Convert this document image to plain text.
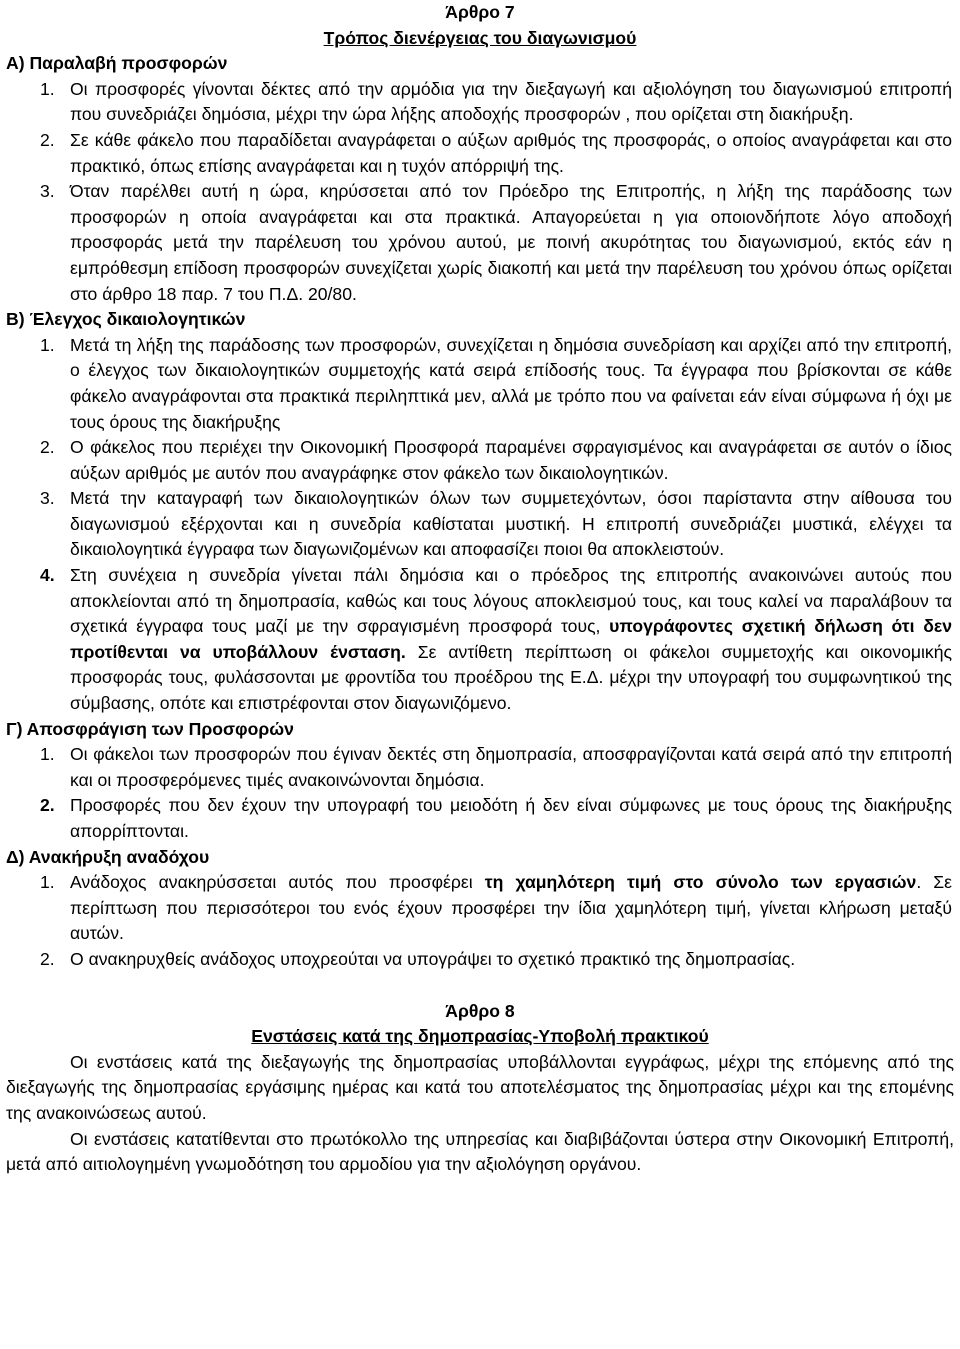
Άρθρο 7
Τρόπος διενέργειας του διαγωνισμού
Α) Παραλαβή προσφορών
1. Οι προσφορές γίνονται δέκτες από την αρμόδια για την διεξαγωγή και αξιολόγηση του διαγωνισμού επιτροπή που συνεδριάζει δημόσια, μέχρι την ώρα λήξης αποδοχής προσφορών , που ορίζεται στη διακήρυξη.
2. Σε κάθε φάκελο που παραδίδεται αναγράφεται ο αύξων αριθμός της προσφοράς, ο οποίος αναγράφεται και στο πρακτικό, όπως επίσης αναγράφεται και η τυχόν απόρριψή της.
3. Όταν παρέλθει αυτή η ώρα, κηρύσσεται από τον Πρόεδρο της Επιτροπής, η λήξη της παράδοσης των προσφορών η οποία αναγράφεται και στα πρακτικά. Απαγορεύεται η για οποιονδήποτε λόγο αποδοχή προσφοράς μετά την παρέλευση του χρόνου αυτού, με ποινή ακυρότητας του διαγωνισμού, εκτός εάν η εμπρόθεσμη επίδοση προσφορών συνεχίζεται χωρίς διακοπή και μετά την παρέλευση του χρόνου όπως ορίζεται στο άρθρο 18 παρ. 7 του Π.Δ. 20/80.
Β) Έλεγχος δικαιολογητικών
1. Μετά τη λήξη της παράδοσης των προσφορών, συνεχίζεται η δημόσια συνεδρίαση και αρχίζει από την επιτροπή, ο έλεγχος των δικαιολογητικών συμμετοχής κατά σειρά επίδοσής τους. Τα έγγραφα που βρίσκονται σε κάθε φάκελο αναγράφονται στα πρακτικά περιληπτικά μεν, αλλά με τρόπο που να φαίνεται εάν είναι σύμφωνα ή όχι με τους όρους της διακήρυξης
2. Ο φάκελος που περιέχει την Οικονομική Προσφορά παραμένει σφραγισμένος και αναγράφεται σε αυτόν ο ίδιος αύξων αριθμός με αυτόν που αναγράφηκε στον φάκελο των δικαιολογητικών.
3. Μετά την καταγραφή των δικαιολογητικών όλων των συμμετεχόντων, όσοι παρίσταντα στην αίθουσα του διαγωνισμού εξέρχονται και η συνεδρία καθίσταται μυστική. Η επιτροπή συνεδριάζει μυστικά, ελέγχει τα δικαιολογητικά έγγραφα των διαγωνιζομένων και αποφασίζει ποιοι θα αποκλειστούν.
4. Στη συνέχεια η συνεδρία γίνεται πάλι δημόσια και ο πρόεδρος της επιτροπής ανακοινώνει αυτούς που αποκλείονται από τη δημοπρασία, καθώς και τους λόγους αποκλεισμού τους, και τους καλεί να παραλάβουν τα σχετικά έγγραφα τους μαζί με την σφραγισμένη προσφορά τους, υπογράφοντες σχετική δήλωση ότι δεν προτίθενται να υποβάλλουν ένσταση. Σε αντίθετη περίπτωση οι φάκελοι συμμετοχής και οικονομικής προσφοράς τους, φυλάσσονται με φροντίδα του προέδρου της Ε.Δ. μέχρι την υπογραφή του συμφωνητικού της σύμβασης, οπότε και επιστρέφονται στον διαγωνιζόμενο.
Γ) Αποσφράγιση των Προσφορών
1. Οι φάκελοι των προσφορών που έγιναν δεκτές στη δημοπρασία, αποσφραγίζονται κατά σειρά από την επιτροπή και οι προσφερόμενες τιμές ανακοινώνονται δημόσια.
2. Προσφορές που δεν έχουν την υπογραφή του μειοδότη ή δεν είναι σύμφωνες με τους όρους της διακήρυξης απορρίπτονται.
Δ) Ανακήρυξη αναδόχου
1. Ανάδοχος ανακηρύσσεται αυτός που προσφέρει τη χαμηλότερη τιμή στο σύνολο των εργασιών. Σε περίπτωση που περισσότεροι του ενός έχουν προσφέρει την ίδια χαμηλότερη τιμή, γίνεται κλήρωση μεταξύ αυτών.
2. Ο ανακηρυχθείς ανάδοχος υποχρεούται να υπογράψει το σχετικό πρακτικό της δημοπρασίας.
Άρθρο 8
Ενστάσεις κατά της δημοπρασίας-Υποβολή πρακτικού
Οι ενστάσεις κατά της διεξαγωγής της δημοπρασίας υποβάλλονται εγγράφως, μέχρι της επόμενης από της διεξαγωγής της δημοπρασίας εργάσιμης ημέρας και κατά του αποτελέσματος της δημοπρασίας μέχρι και της επομένης της ανακοινώσεως αυτού.
Οι ενστάσεις κατατίθενται στο πρωτόκολλο της υπηρεσίας και διαβιβάζονται ύστερα στην Οικονομική Επιτροπή, μετά από αιτιολογημένη γνωμοδότηση του αρμοδίου για την αξιολόγηση οργάνου.
